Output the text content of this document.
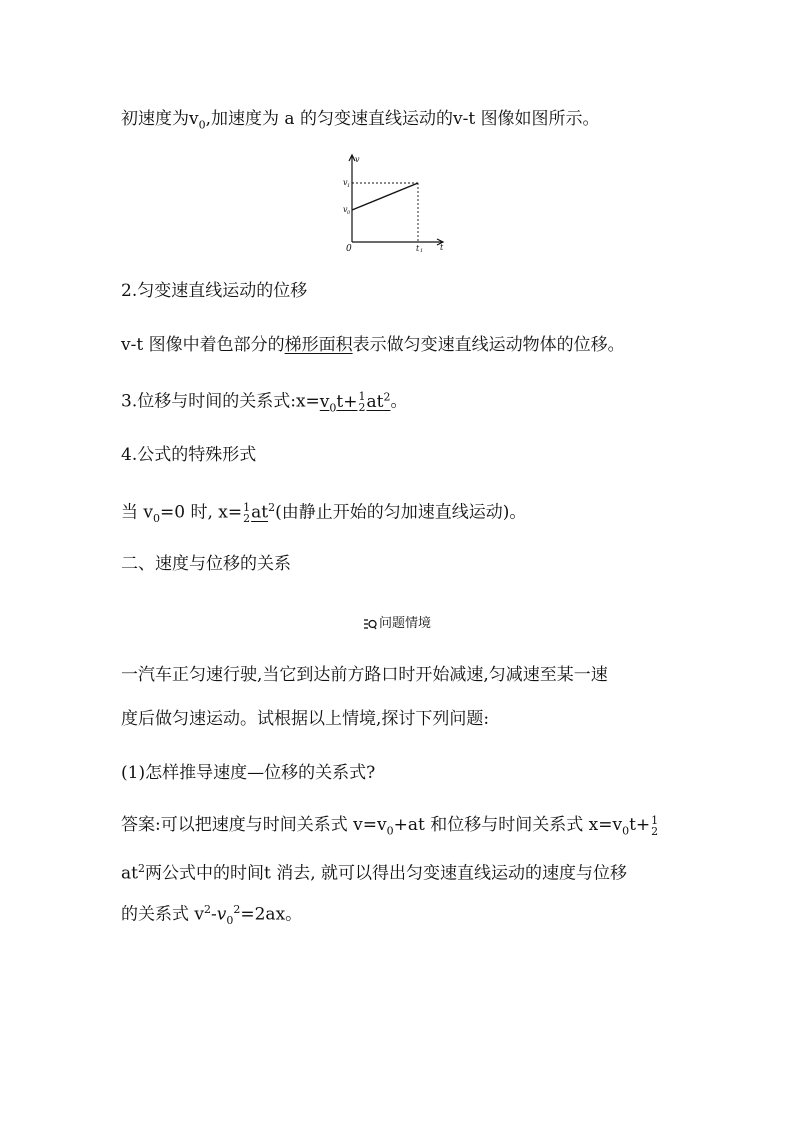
初速度为$v_0$,加速度为 a 的匀变速直线运动的v-t 图像如图所示。
v
t
0
v 1
v 0
t 1
2.匀变速直线运动的位移
v-t 图像中着色部分的梯形面积表示做匀变速直线运动物体的位移。
3.位移与时间的关系式$:x=v_0t+ 1$
2 $at^2$。
4.公式的特殊形式
当 $v_0=0$ 时, x= 1
2 $at^2$(由静止开始的匀加速直线运动)。
二、速度与位移的关系
问题情境
一汽车正匀速行驶,当它到达前方路口时开始减速,匀减速至某一速
度后做匀速运动。试根据以上情境,探讨下列问题:
(1)怎样推导速度—位移的关系式?
答案:可以把速度与时间关系式 $v=v_0+at$ 和位移与时间关系式 $x=v_0t+ 1$
2
$at^2$两公式中的时间t 消去, 就可以得出匀变速直线运动的速度与位移
的关系式 $v^2-v_0^2=2ax$。
